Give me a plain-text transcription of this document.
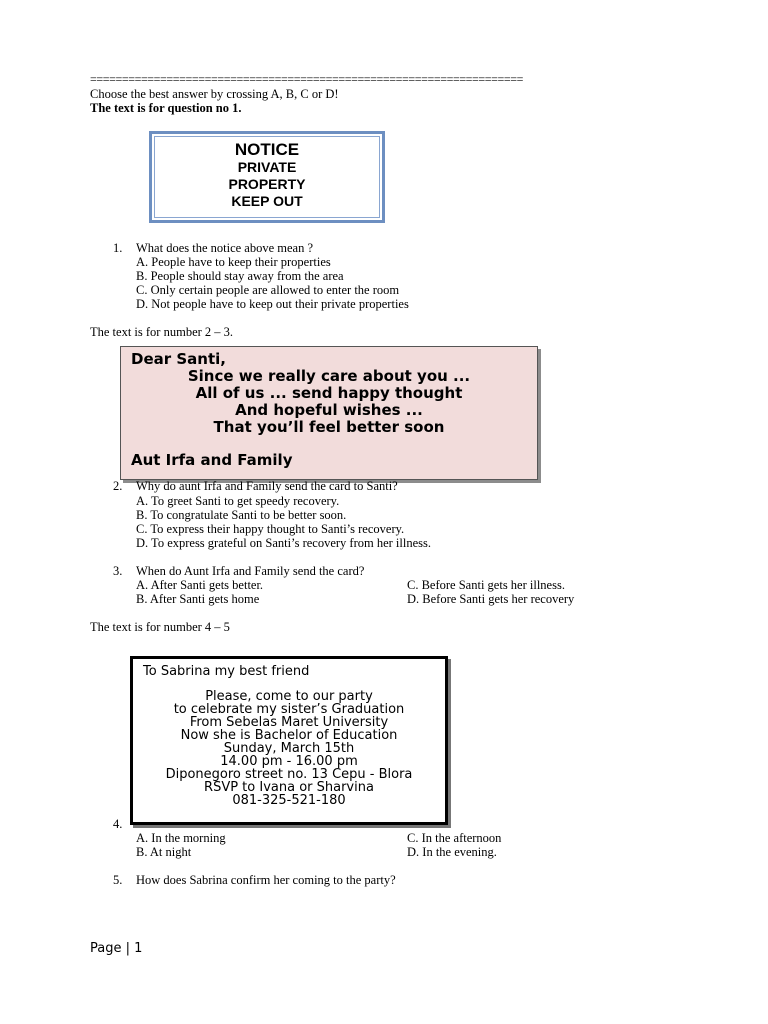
====================================================================
Choose the best answer by crossing A, B, C or D!
The text is for question no 1.
NOTICE
PRIVATE
PROPERTY
KEEP OUT
1. What does the notice above mean ?
A. People have to keep their properties
B. People should stay away from the area
C. Only certain people are allowed to enter the room
D. Not people have to keep out their private properties
The text is for number 2 – 3.
Dear Santi,
Since we really care about you ...
All of us ... send happy thought
And hopeful wishes ...
That you’ll feel better soon
Aut Irfa and Family
2. Why do aunt Irfa and Family send the card to Santi?
A. To greet Santi to get speedy recovery.
B. To congratulate Santi to be better soon.
C. To express their happy thought to Santi’s recovery.
D. To express grateful on Santi’s recovery from her illness.
3. When do Aunt Irfa and Family send the card?
A. After Santi gets better.
B. After Santi gets home
C. Before Santi gets her illness.
D. Before Santi gets her recovery
The text is for number 4 – 5
To Sabrina my best friend
Please, come to our party
to celebrate my sister’s Graduation
From Sebelas Maret University
Now she is Bachelor of Education
Sunday, March 15th
14.00 pm - 16.00 pm
Diponegoro street no. 13 Cepu - Blora
RSVP to Ivana or Sharvina
081-325-521-180
4.
A. In the morning
B. At night
C. In the afternoon
D. In the evening.
5. How does Sabrina confirm her coming to the party?
Page | 1
